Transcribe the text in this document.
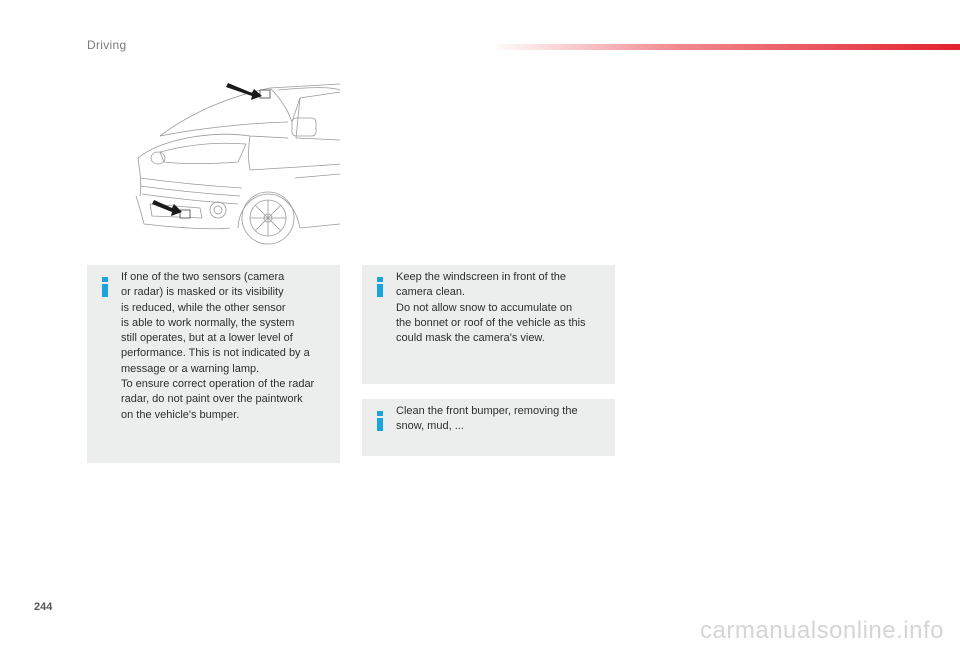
Driving
If one of the two sensors (camera
or radar) is masked or its visibility
is reduced, while the other sensor
is able to work normally, the system
still operates, but at a lower level of
performance. This is not indicated by a
message or a warning lamp.
To ensure correct operation of the radar
radar, do not paint over the paintwork
on the vehicle's bumper.
Keep the windscreen in front of the
camera clean.
Do not allow snow to accumulate on
the bonnet or roof of the vehicle as this
could mask the camera's view.
Clean the front bumper, removing the
snow, mud, ...
244
carmanualsonline.info
